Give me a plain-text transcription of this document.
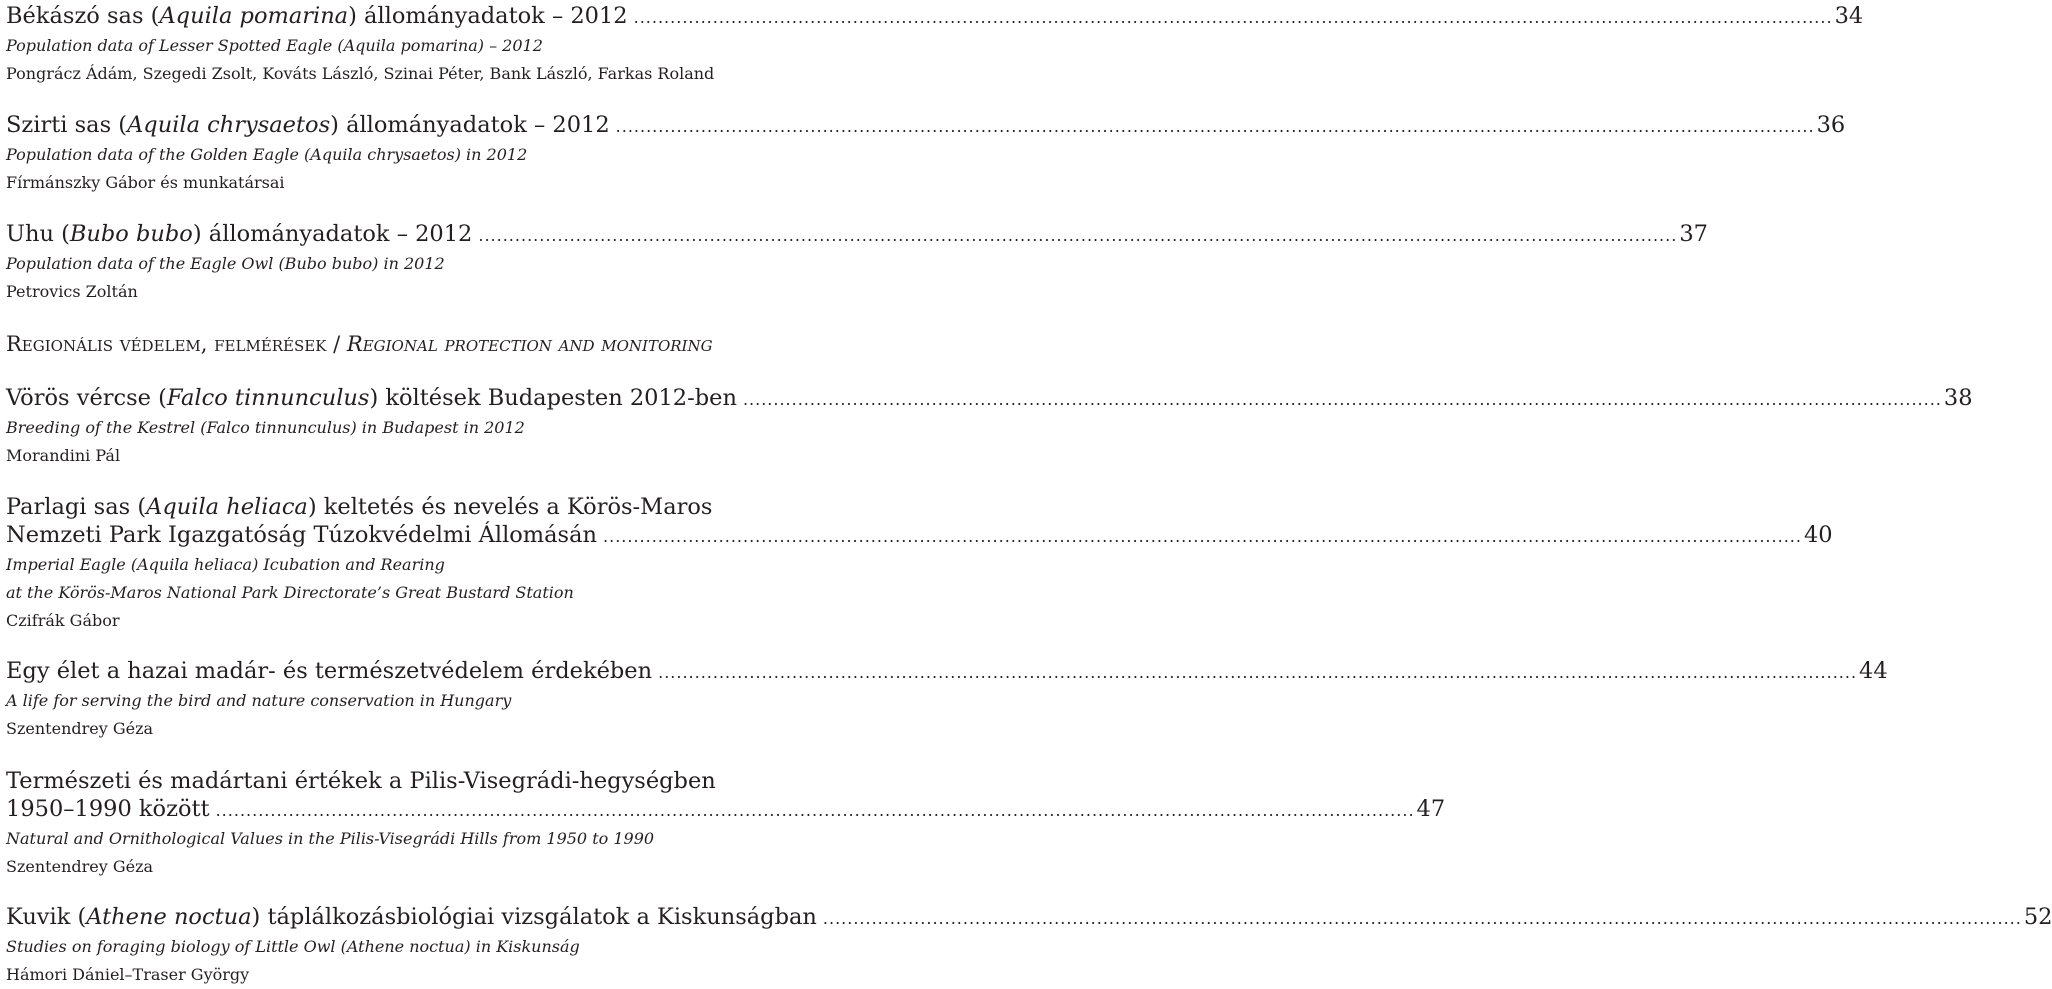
Békászó sas (Aquila pomarina) állományadatok – 2012 ..................................................................................................................................................................................................... 34
Population data of Lesser Spotted Eagle (Aquila pomarina) – 2012
Pongrácz Ádám, Szegedi Zsolt, Kováts László, Szinai Péter, Bank László, Farkas Roland
Szirti sas (Aquila chrysaetos) állományadatok – 2012 ..................................................................................................................................................................................................... 36
Population data of the Golden Eagle (Aquila chrysaetos) in 2012
Fírmánszky Gábor és munkatársai
Uhu (Bubo bubo) állományadatok – 2012 ..................................................................................................................................................................................................... 37
Population data of the Eagle Owl (Bubo bubo) in 2012
Petrovics Zoltán
Regionális védelem, felmérések / Regional protection and monitoring
Vörös vércse (Falco tinnunculus) költések Budapesten 2012-ben ..................................................................................................................................................................................................... 38
Breeding of the Kestrel (Falco tinnunculus) in Budapest in 2012
Morandini Pál
Parlagi sas (Aquila heliaca) keltetés és nevelés a Körös-Maros
Nemzeti Park Igazgatóság Túzokvédelmi Állomásán ..................................................................................................................................................................................................... 40
Imperial Eagle (Aquila heliaca) Icubation and Rearing
at the Körös-Maros National Park Directorate’s Great Bustard Station
Czifrák Gábor
Egy élet a hazai madár- és természetvédelem érdekében ..................................................................................................................................................................................................... 44
A life for serving the bird and nature conservation in Hungary
Szentendrey Géza
Természeti és madártani értékek a Pilis-Visegrádi-hegységben
1950–1990 között ..................................................................................................................................................................................................... 47
Natural and Ornithological Values in the Pilis-Visegrádi Hills from 1950 to 1990
Szentendrey Géza
Kuvik (Athene noctua) táplálkozásbiológiai vizsgálatok a Kiskunságban ..................................................................................................................................................................................................... 52
Studies on foraging biology of Little Owl (Athene noctua) in Kiskunság
Hámori Dániel–Traser György
